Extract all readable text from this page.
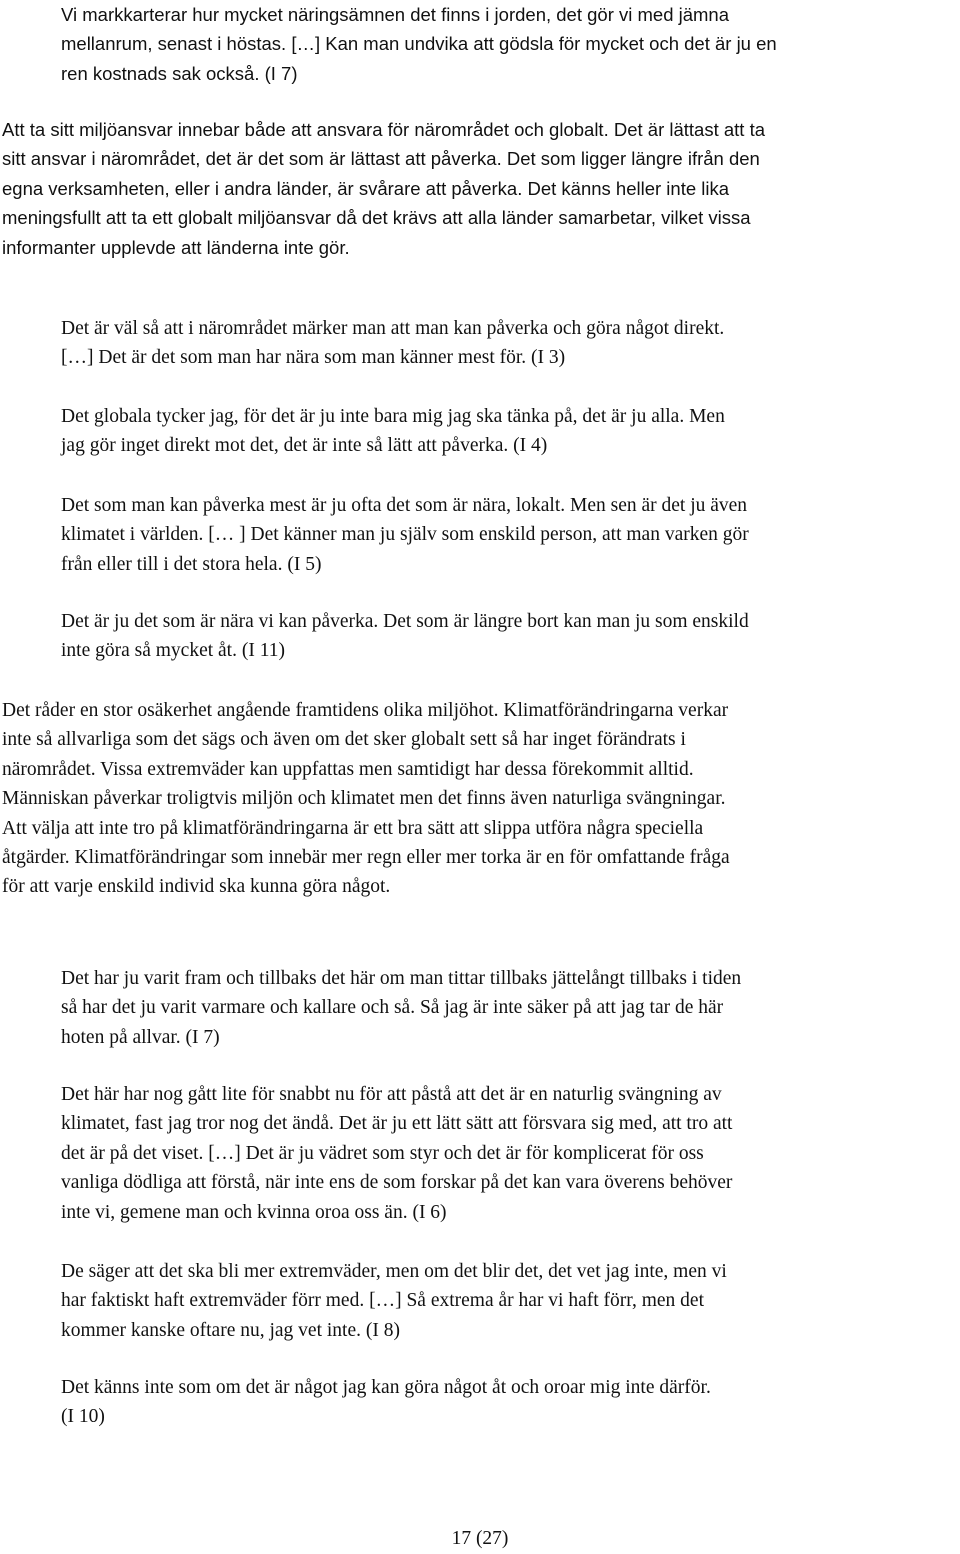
Vi markkarterar hur mycket näringsämnen det finns i jorden, det gör vi med jämna
mellanrum, senast i höstas. […] Kan man undvika att gödsla för mycket och det är ju en
ren kostnads sak också. (I 7)

Att ta sitt miljöansvar innebar både att ansvara för närområdet och globalt. Det är lättast att ta
sitt ansvar i närområdet, det är det som är lättast att påverka. Det som ligger längre ifrån den
egna verksamheten, eller i andra länder, är svårare att påverka. Det känns heller inte lika
meningsfullt att ta ett globalt miljöansvar då det krävs att alla länder samarbetar, vilket vissa
informanter upplevde att länderna inte gör.

Det är väl så att i närområdet märker man att man kan påverka och göra något direkt.
[…] Det är det som man har nära som man känner mest för. (I 3)

Det globala tycker jag, för det är ju inte bara mig jag ska tänka på, det är ju alla. Men
jag gör inget direkt mot det, det är inte så lätt att påverka. (I 4)

Det som man kan påverka mest är ju ofta det som är nära, lokalt. Men sen är det ju även
klimatet i världen. [… ] Det känner man ju själv som enskild person, att man varken gör
från eller till i det stora hela. (I 5)

Det är ju det som är nära vi kan påverka. Det som är längre bort kan man ju som enskild
inte göra så mycket åt. (I 11)

Det råder en stor osäkerhet angående framtidens olika miljöhot. Klimatförändringarna verkar
inte så allvarliga som det sägs och även om det sker globalt sett så har inget förändrats i
närområdet. Vissa extremväder kan uppfattas men samtidigt har dessa förekommit alltid.
Människan påverkar troligtvis miljön och klimatet men det finns även naturliga svängningar.
Att välja att inte tro på klimatförändringarna är ett bra sätt att slippa utföra några speciella
åtgärder. Klimatförändringar som innebär mer regn eller mer torka är en för omfattande fråga
för att varje enskild individ ska kunna göra något.

Det har ju varit fram och tillbaks det här om man tittar tillbaks jättelångt tillbaks i tiden
så har det ju varit varmare och kallare och så. Så jag är inte säker på att jag tar de här
hoten på allvar. (I 7)

Det här har nog gått lite för snabbt nu för att påstå att det är en naturlig svängning av
klimatet, fast jag tror nog det ändå. Det är ju ett lätt sätt att försvara sig med, att tro att
det är på det viset. […] Det är ju vädret som styr och det är för komplicerat för oss
vanliga dödliga att förstå, när inte ens de som forskar på det kan vara överens behöver
inte vi, gemene man och kvinna oroa oss än. (I 6)

De säger att det ska bli mer extremväder, men om det blir det, det vet jag inte, men vi
har faktiskt haft extremväder förr med. […] Så extrema år har vi haft förr, men det
kommer kanske oftare nu, jag vet inte. (I 8)

Det känns inte som om det är något jag kan göra något åt och oroar mig inte därför.
(I 10)

17 (27)
